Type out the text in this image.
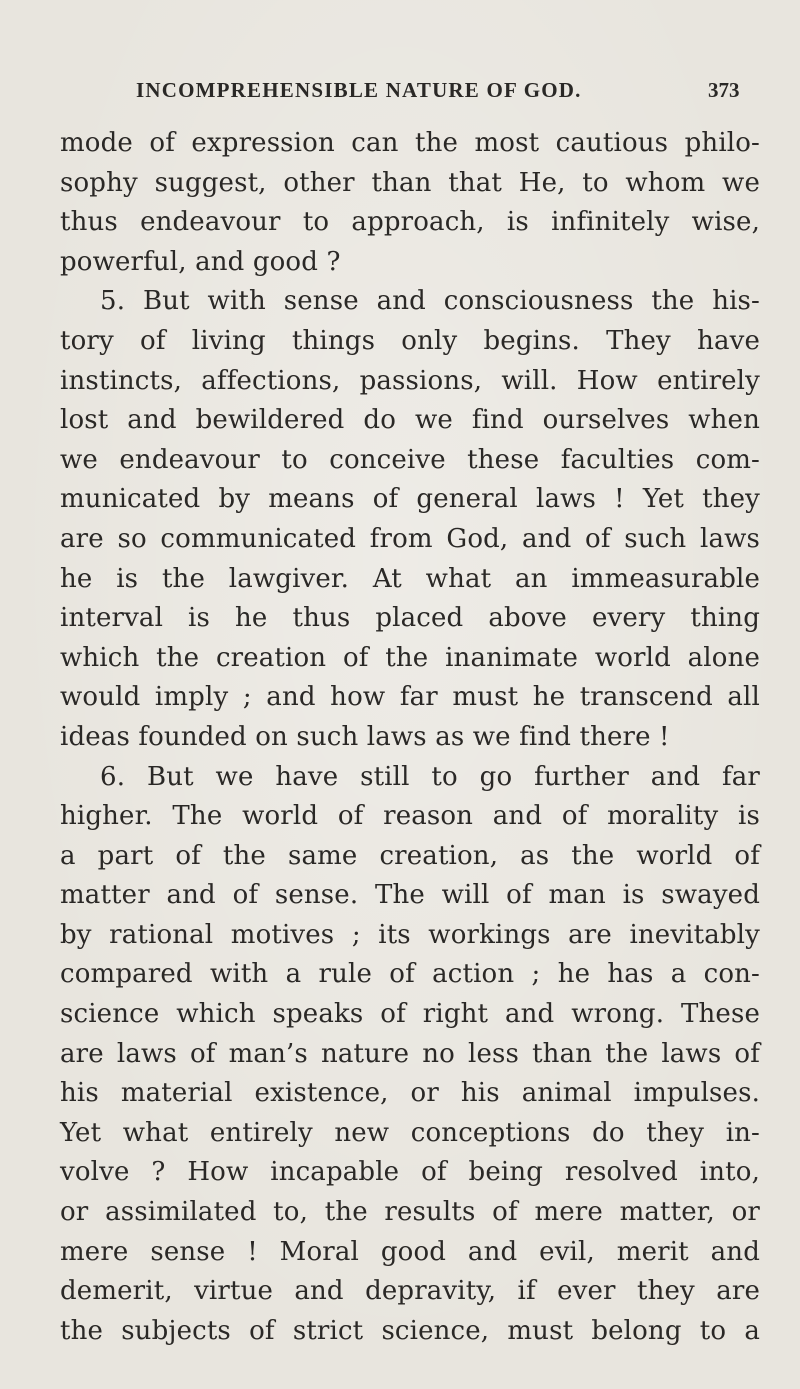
INCOMPREHENSIBLE NATURE OF GOD.	373
mode of expression can the most cautious philo-
sophy suggest, other than that He, to whom we
thus endeavour to approach, is infinitely wise,
powerful, and good ?
5. But with sense and consciousness the his-
tory of living things only begins. They have
instincts, affections, passions, will. How entirely
lost and bewildered do we find ourselves when
we endeavour to conceive these faculties com-
municated by means of general laws ! Yet they
are so communicated from God, and of such laws
he is the lawgiver. At what an immeasurable
interval is he thus placed above every thing
which the creation of the inanimate world alone
would imply ; and how far must he transcend all
ideas founded on such laws as we find there !
6. But we have still to go further and far
higher. The world of reason and of morality is
a part of the same creation, as the world of
matter and of sense. The will of man is swayed
by rational motives ; its workings are inevitably
compared with a rule of action ; he has a con-
science which speaks of right and wrong. These
are laws of man’s nature no less than the laws of
his material existence, or his animal impulses.
Yet what entirely new conceptions do they in-
volve ? How incapable of being resolved into,
or assimilated to, the results of mere matter, or
mere sense ! Moral good and evil, merit and
demerit, virtue and depravity, if ever they are
the subjects of strict science, must belong to a
